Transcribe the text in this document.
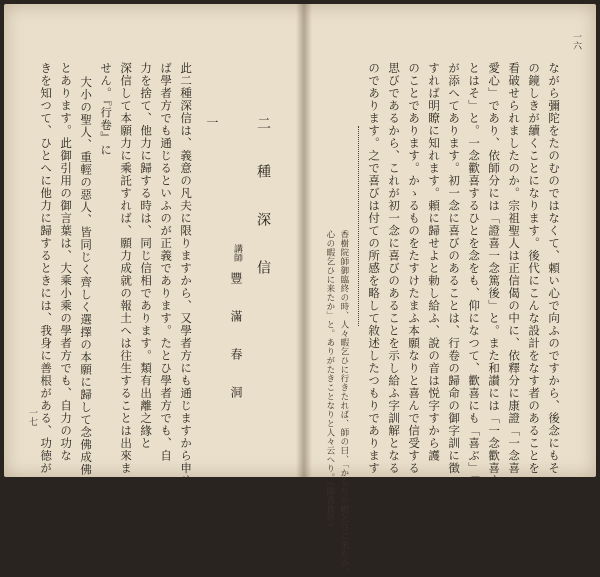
一七
二 種 深 信
講師
豐 滿 春 洞
一
此二種深信は、義意の凡夫に限りますから、又學者方にも通じますから申せ
ば學者方でも通じるといふのが正義であります。たとひ學者方でも、自
力を捨て、他力に歸する時は、同じ信相であります。類有出離之緣と
深信して本願力に乘託すれば、願力成就の報土へは往生することは出來ま
せん。『行卷』に
大小の聖人、重輕の惡人、皆同じく齊しく選擇の本願に歸して念佛成佛すべし
とあります。此御引用の御言葉は、大乘小乘の學者方でも、自力の功な
きを知つて、ひとへに他力に歸するときには、我身に善根がある、功徳が
一六
ながら彌陀をたのむのではなくて、頼い心で向ふのですから、後念にもそ
の鏡しきが續くことになります。後代にこんな設計をなす者のあることを
看破せられましたのか。宗祖聖人は正信偈の中に、依釋分に康證「一念喜
愛心」であり、依師分には「證喜一念篤後」と。また和讃には「一念歡喜するひ
とはそ」と。一念歡喜するひとを念をも、仰になつて、歡喜にも「喜ぶ」「一念
が添へてあります。初一念に喜びのあることは、行卷の歸命の御字訓に徴
すれば明瞭に知れます。頼に歸せよと勅し給ふ、說の音は悦字すから護
のことであります。かゝるものをたすけたまふ本願なりと喜んで信受する
思びであるから、これが初一念に喜びのあることを示し給ふ字訓解となる
のであります。之で喜びは付ての所感を略して敘述したつもりであります
香樹院師御臨終の時、人々暇乞ひに行きたれば、師の曰、「からだの暇乞ひに来たか、
心の暇乞ひに来たか」と。ありがたきことなりと人々云へり。（聞書抜萃）
